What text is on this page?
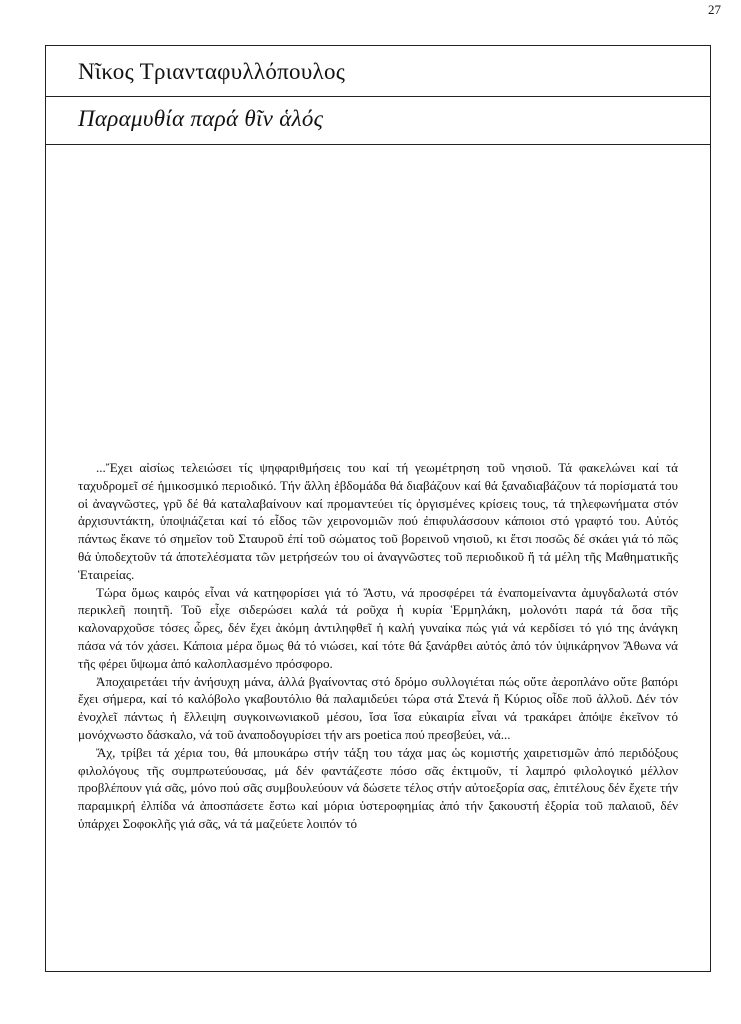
27
Νῖκος Τριανταφυλλόπουλος
Παραμυθία παρά θῖν ἁλός

...Ἔχει αἰσίως τελειώσει τίς ψηφαριθμήσεις του καί τή γεωμέτρηση τοῦ νησιοῦ. Τά φακελώνει καί τά ταχυδρομεῖ σέ ἡμικοσμικό περιοδικό. Τήν ἄλλη ἑβδομάδα θά διαβάζουν καί θά ξαναδιαβάζουν τά πορίσματά του οἱ ἀναγνῶστες, γρῦ δέ θά καταλαβαίνουν καί προμαντεύει τίς ὀργισμένες κρίσεις τους, τά τηλεφωνήματα στόν ἀρχισυντάκτη, ὑποψιάζεται καί τό εἶδος τῶν χειρονομιῶν πού ἐπιφυλάσσουν κάποιοι στό γραφτό του. Αὐτός πάντως ἔκανε τό σημεῖον τοῦ Σταυροῦ ἐπί τοῦ σώματος τοῦ βορεινοῦ νησιοῦ, κι ἔτσι ποσῶς δέ σκάει γιά τό πῶς θά ὑποδεχτοῦν τά ἀποτελέσματα τῶν μετρήσεών του οἱ ἀναγνῶστες τοῦ περιοδικοῦ ἤ τά μέλη τῆς Μαθηματικῆς Ἑταιρείας.

Τώρα ὅμως καιρός εἶναι νά κατηφορίσει γιά τό Ἄστυ, νά προσφέρει τά ἐναπομείναντα ἀμυγδαλωτά στόν περικλεῆ ποιητῆ. Τοῦ εἶχε σιδερώσει καλά τά ροῦχα ἡ κυρία Ἑρμηλάκη, μολονότι παρά τά ὅσα τῆς καλοναρχοῦσε τόσες ὧρες, δέν ἔχει ἀκόμη ἀντιληφθεῖ ἡ καλή γυναίκα πώς γιά νά κερδίσει τό γιό της ἀνάγκη πάσα νά τόν χάσει. Κάποια μέρα ὅμως θά τό νιώσει, καί τότε θά ξανάρθει αὐτός ἀπό τόν ὑψικάρηνον Ἄθωνα νά τῆς φέρει ὕψωμα ἀπό καλοπλασμένο πρόσφορο.

Ἀποχαιρετάει τήν ἀνήσυχη μάνα, ἀλλά βγαίνοντας στό δρόμο συλλογιέται πώς οὔτε ἀεροπλάνο οὔτε βαπόρι ἔχει σήμερα, καί τό καλόβολο γκαβουτόλιο θά παλαμιδεύει τώρα στά Στενά ἤ Κύριος οἶδε ποῦ ἀλλοῦ. Δέν τόν ἐνοχλεῖ πάντως ἡ ἔλλειψη συγκοινωνιακοῦ μέσου, ἴσα ἴσα εὐκαιρία εἶναι νά τρακάρει ἀπόψε ἐκεῖνον τό μονόχνωστο δάσκαλο, νά τοῦ ἀναποδογυρίσει τήν ars poetica πού πρεσβεύει, νά...

Ἄχ, τρίβει τά χέρια του, θά μπουκάρω στήν τάξη του τάχα μας ὡς κομιστής χαιρετισμῶν ἀπό περιδόξους φιλολόγους τῆς συμπρωτεύουσας, μά δέν φαντάζεστε πόσο σᾶς ἐκτιμοῦν, τί λαμπρό φιλολογικό μέλλον προβλέπουν γιά σᾶς, μόνο πού σᾶς συμβουλεύουν νά δώσετε τέλος στήν αὐτοεξορία σας, ἐπιτέλους δέν ἔχετε τήν παραμικρή ἐλπίδα νά ἀποσπάσετε ἔστω καί μόρια ὑστεροφημίας ἀπό τήν ξακουστή ἐξορία τοῦ παλαιοῦ, δέν ὑπάρχει Σοφοκλῆς γιά σᾶς, νά τά μαζεύετε λοιπόν τό
